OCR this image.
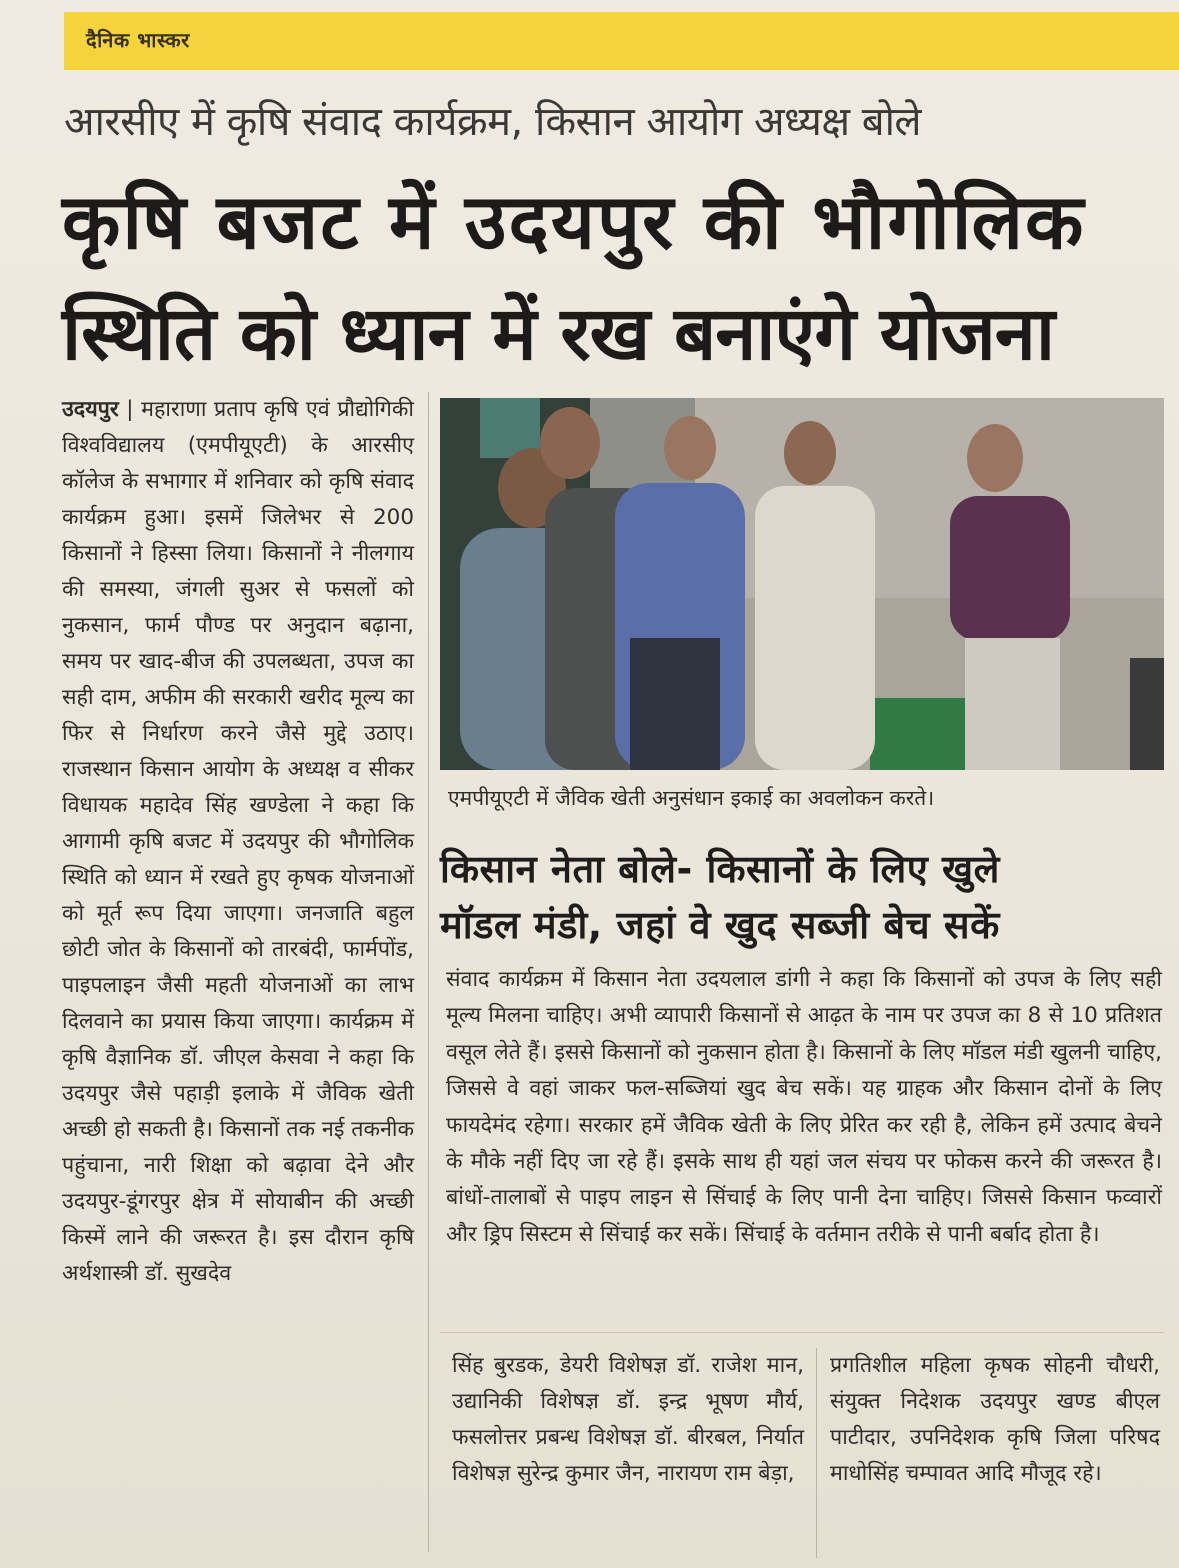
दैनिक भास्कर
आरसीए में कृषि संवाद कार्यक्रम, किसान आयोग अध्यक्ष बोले
कृषि बजट में उदयपुर की भौगोलिक
स्थिति को ध्यान में रख बनाएंगे योजना
उदयपुर | महाराणा प्रताप कृषि एवं प्रौद्योगिकी विश्वविद्यालय (एमपीयूएटी) के आरसीए कॉलेज के सभागार में शनिवार को कृषि संवाद कार्यक्रम हुआ। इसमें जिलेभर से 200 किसानों ने हिस्सा लिया। किसानों ने नीलगाय की समस्या, जंगली सुअर से फसलों को नुकसान, फार्म पौण्ड पर अनुदान बढ़ाना, समय पर खाद-बीज की उपलब्धता, उपज का सही दाम, अफीम की सरकारी खरीद मूल्य का फिर से निर्धारण करने जैसे मुद्दे उठाए। राजस्थान किसान आयोग के अध्यक्ष व सीकर विधायक महादेव सिंह खण्डेला ने कहा कि आगामी कृषि बजट में उदयपुर की भौगोलिक स्थिति को ध्यान में रखते हुए कृषक योजनाओं को मूर्त रूप दिया जाएगा। जनजाति बहुल छोटी जोत के किसानों को तारबंदी, फार्मपोंड, पाइपलाइन जैसी महती योजनाओं का लाभ दिलवाने का प्रयास किया जाएगा। कार्यक्रम में कृषि वैज्ञानिक डॉ. जीएल केसवा ने कहा कि उदयपुर जैसे पहाड़ी इलाके में जैविक खेती अच्छी हो सकती है। किसानों तक नई तकनीक पहुंचाना, नारी शिक्षा को बढ़ावा देने और उदयपुर-डूंगरपुर क्षेत्र में सोयाबीन की अच्छी किस्में लाने की जरूरत है। इस दौरान कृषि अर्थशास्त्री डॉ. सुखदेव
एमपीयूएटी में जैविक खेती अनुसंधान इकाई का अवलोकन करते।
किसान नेता बोले- किसानों के लिए खुले
मॉडल मंडी, जहां वे खुद सब्जी बेच सकें
संवाद कार्यक्रम में किसान नेता उदयलाल डांगी ने कहा कि किसानों को उपज के लिए सही मूल्य मिलना चाहिए। अभी व्यापारी किसानों से आढ़त के नाम पर उपज का 8 से 10 प्रतिशत वसूल लेते हैं। इससे किसानों को नुकसान होता है। किसानों के लिए मॉडल मंडी खुलनी चाहिए, जिससे वे वहां जाकर फल-सब्जियां खुद बेच सकें। यह ग्राहक और किसान दोनों के लिए फायदेमंद रहेगा। सरकार हमें जैविक खेती के लिए प्रेरित कर रही है, लेकिन हमें उत्पाद बेचने के मौके नहीं दिए जा रहे हैं। इसके साथ ही यहां जल संचय पर फोकस करने की जरूरत है। बांधों-तालाबों से पाइप लाइन से सिंचाई के लिए पानी देना चाहिए। जिससे किसान फव्वारों और ड्रिप सिस्टम से सिंचाई कर सकें। सिंचाई के वर्तमान तरीके से पानी बर्बाद होता है।
सिंह बुरडक, डेयरी विशेषज्ञ डॉ. राजेश मान, उद्यानिकी विशेषज्ञ डॉ. इन्द्र भूषण मौर्य, फसलोत्तर प्रबन्ध विशेषज्ञ डॉ. बीरबल, निर्यात विशेषज्ञ सुरेन्द्र कुमार जैन, नारायण राम बेड़ा,
प्रगतिशील महिला कृषक सोहनी चौधरी, संयुक्त निदेशक उदयपुर खण्ड बीएल पाटीदार, उपनिदेशक कृषि जिला परिषद माधोसिंह चम्पावत आदि मौजूद रहे।
